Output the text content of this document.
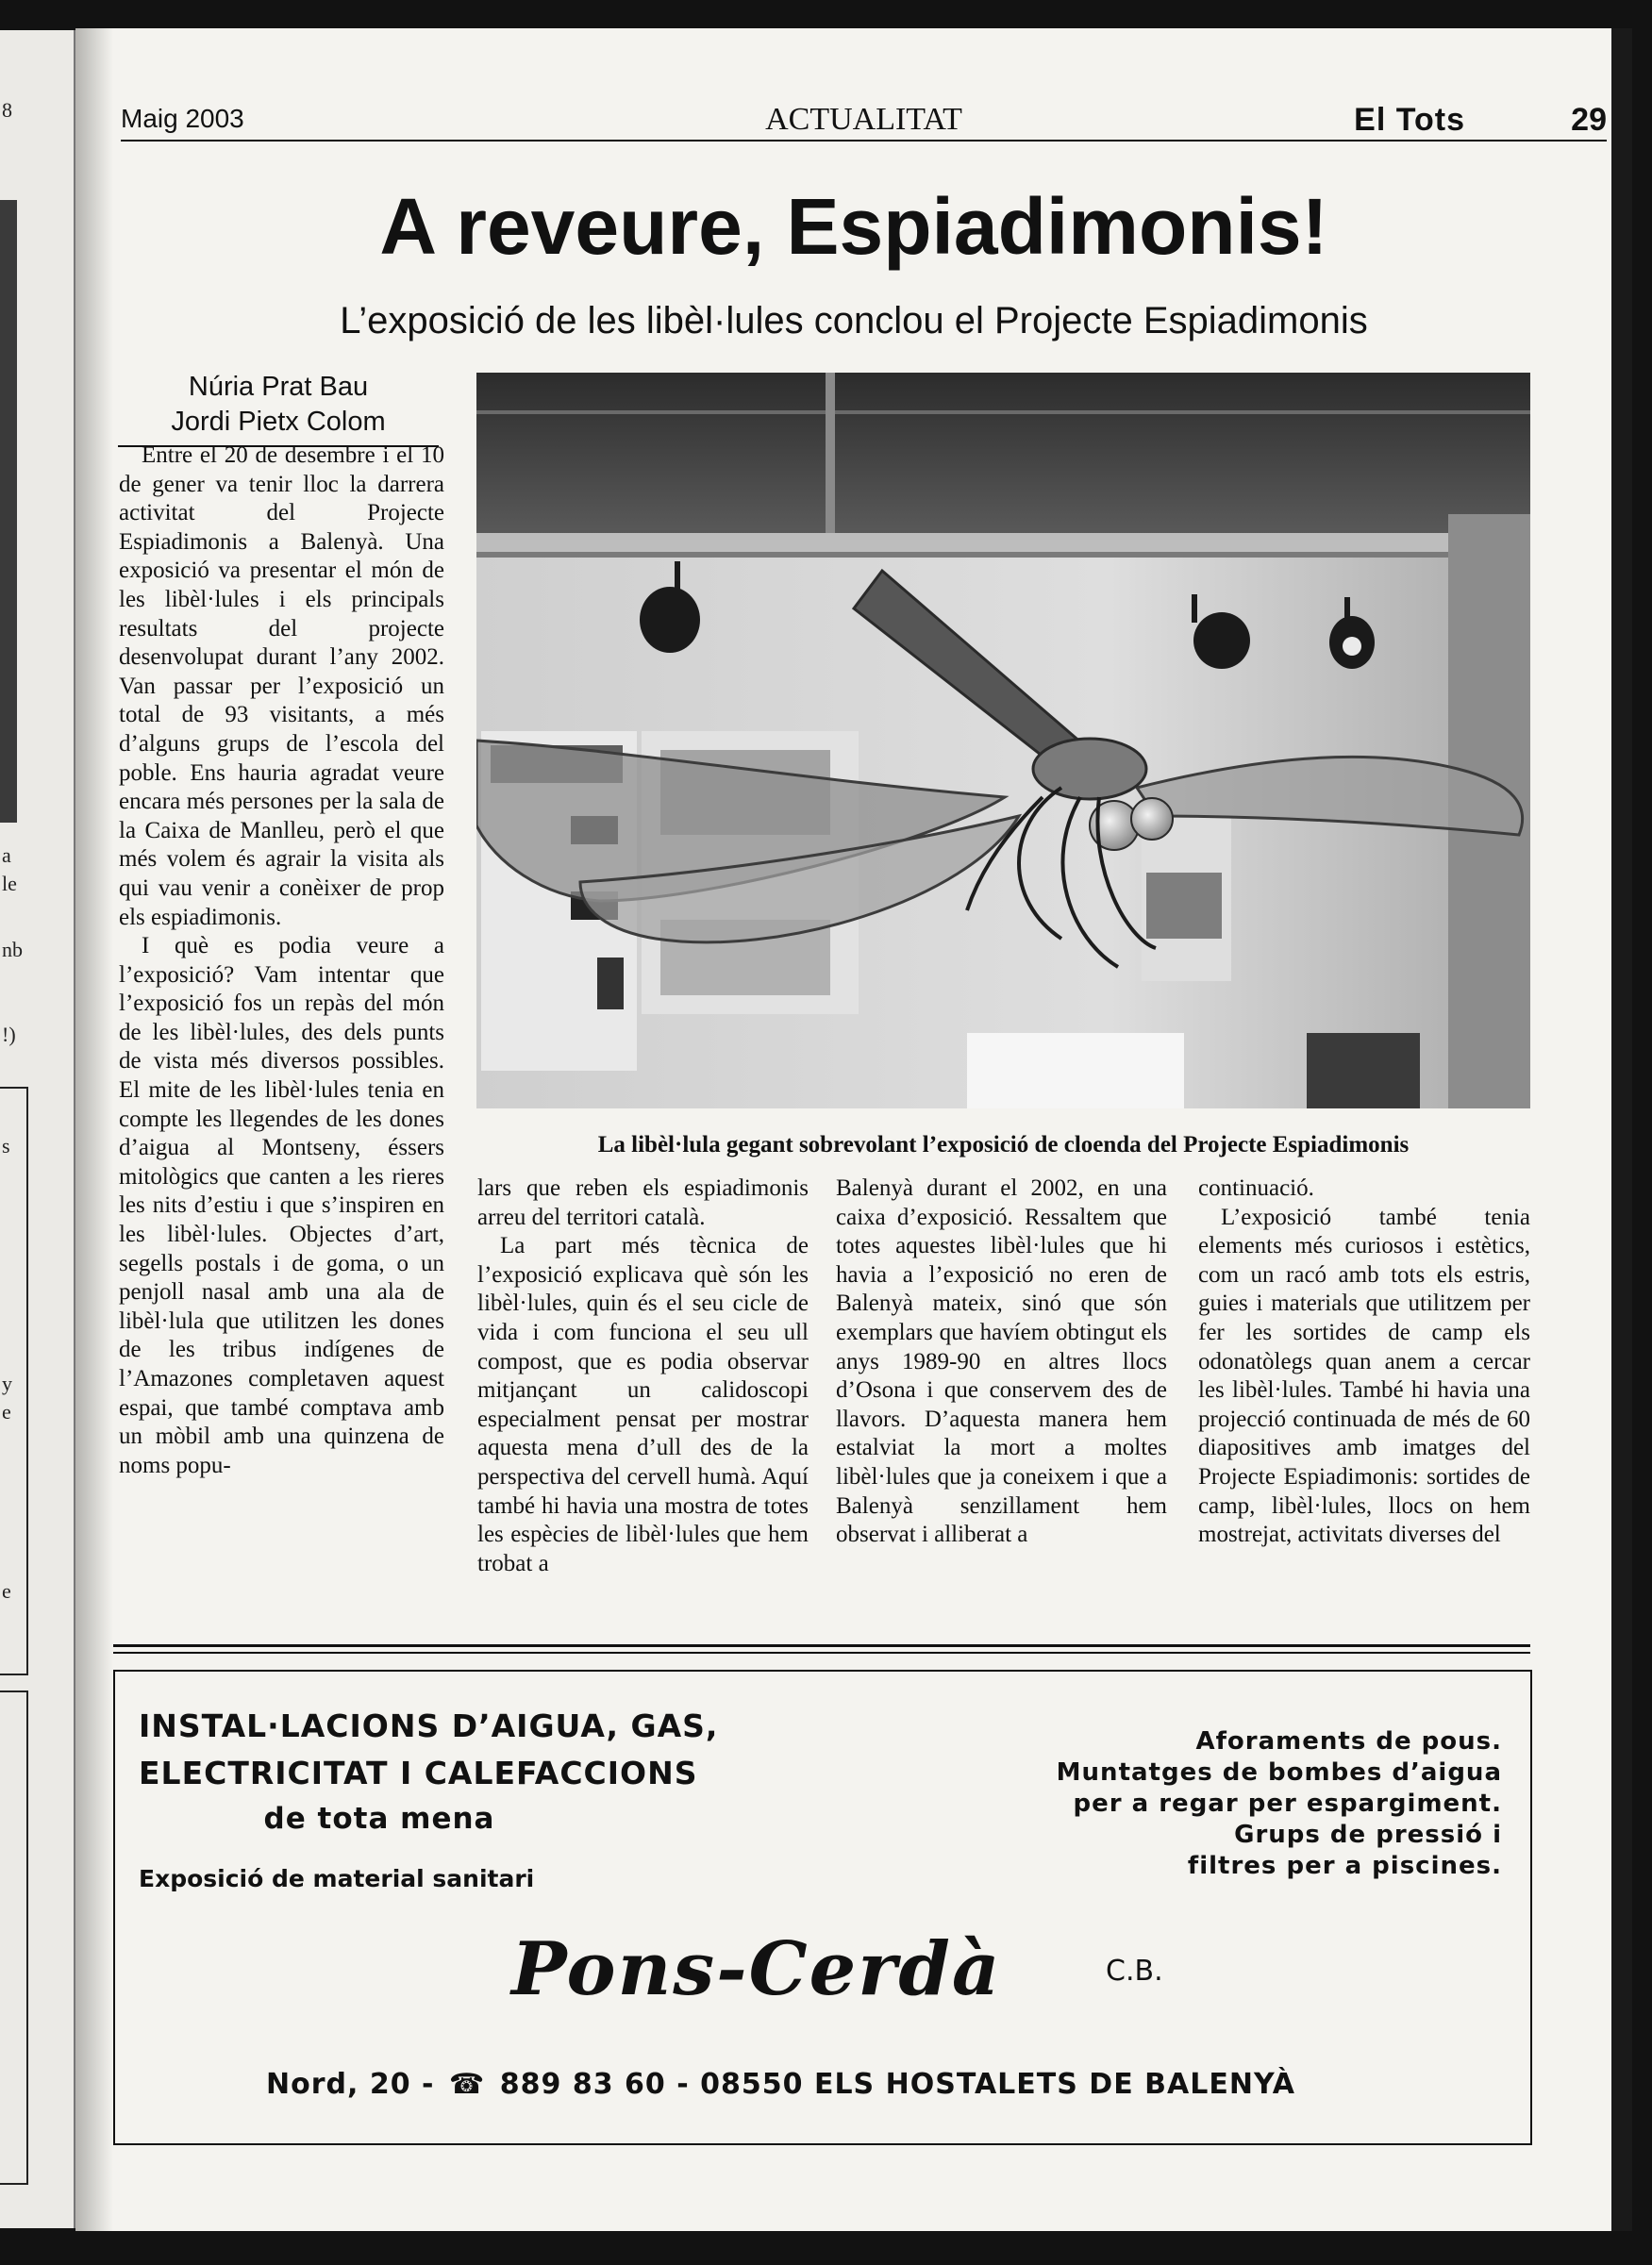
8
a
le
nb
!)
s
y
e
e
Maig 2003	ACTUALITAT	El Tots	29
A reveure, Espiadimonis!
L’exposició de les libèl·lules conclou el Projecte Espiadimonis
Núria Prat Bau
Jordi Pietx Colom
La libèl·lula gegant sobrevolant l’exposició de cloenda del Projecte Espiadimonis

Entre el 20 de desembre i el 10 de gener va tenir lloc la darrera activitat del Projecte Espiadimonis a Balenyà. Una exposició va presentar el món de les libèl·lules i els principals resultats del projecte desenvolupat durant l’any 2002. Van passar per l’exposició un total de 93 visitants, a més d’alguns grups de l’escola del poble. Ens hauria agradat veure encara més persones per la sala de la Caixa de Manlleu, però el que més volem és agrair la visita als qui vau venir a conèixer de prop els espiadimonis.

I què es podia veure a l’exposició? Vam intentar que l’exposició fos un repàs del món de les libèl·lules, des dels punts de vista més diversos possibles. El mite de les libèl·lules tenia en compte les llegendes de les dones d’aigua al Montseny, éssers mitològics que canten a les rieres les nits d’estiu i que s’inspiren en les libèl·lules. Objectes d’art, segells postals i de goma, o un penjoll nasal amb una ala de libèl·lula que utilitzen les dones de les tribus indígenes de l’Amazones completaven aquest espai, que també comptava amb un mòbil amb una quinzena de noms popu-

lars que reben els espiadimonis arreu del territori català.

La part més tècnica de l’exposició explicava què són les libèl·lules, quin és el seu cicle de vida i com funciona el seu ull compost, que es podia observar mitjançant un calidoscopi especialment pensat per mostrar aquesta mena d’ull des de la perspectiva del cervell humà. Aquí també hi havia una mostra de totes les espècies de libèl·lules que hem trobat a

Balenyà durant el 2002, en una caixa d’exposició. Ressaltem que totes aquestes libèl·lules que hi havia a l’exposició no eren de Balenyà mateix, sinó que són exemplars que havíem obtingut els anys 1989-90 en altres llocs d’Osona i que conservem des de llavors. D’aquesta manera hem estalviat la mort a moltes libèl·lules que ja coneixem i que a Balenyà senzillament hem observat i alliberat a

continuació.

L’exposició també tenia elements més curiosos i estètics, com un racó amb tots els estris, guies i materials que utilitzem per fer les sortides de camp els odonatòlegs quan anem a cercar les libèl·lules. També hi havia una projecció continuada de més de 60 diapositives amb imatges del Projecte Espiadimonis: sortides de camp, libèl·lules, llocs on hem mostrejat, activitats diverses del

INSTAL·LACIONS D’AIGUA, GAS,
ELECTRICITAT I CALEFACCIONS
de tota mena
Exposició de material sanitari
Aforaments de pous.
Muntatges de bombes d’aigua
per a regar per espargiment.
Grups de pressió i
filtres per a piscines.
Pons-Cerdà	C.B.
Nord, 20 - ☎ 889 83 60 - 08550 ELS HOSTALETS DE BALENYÀ
